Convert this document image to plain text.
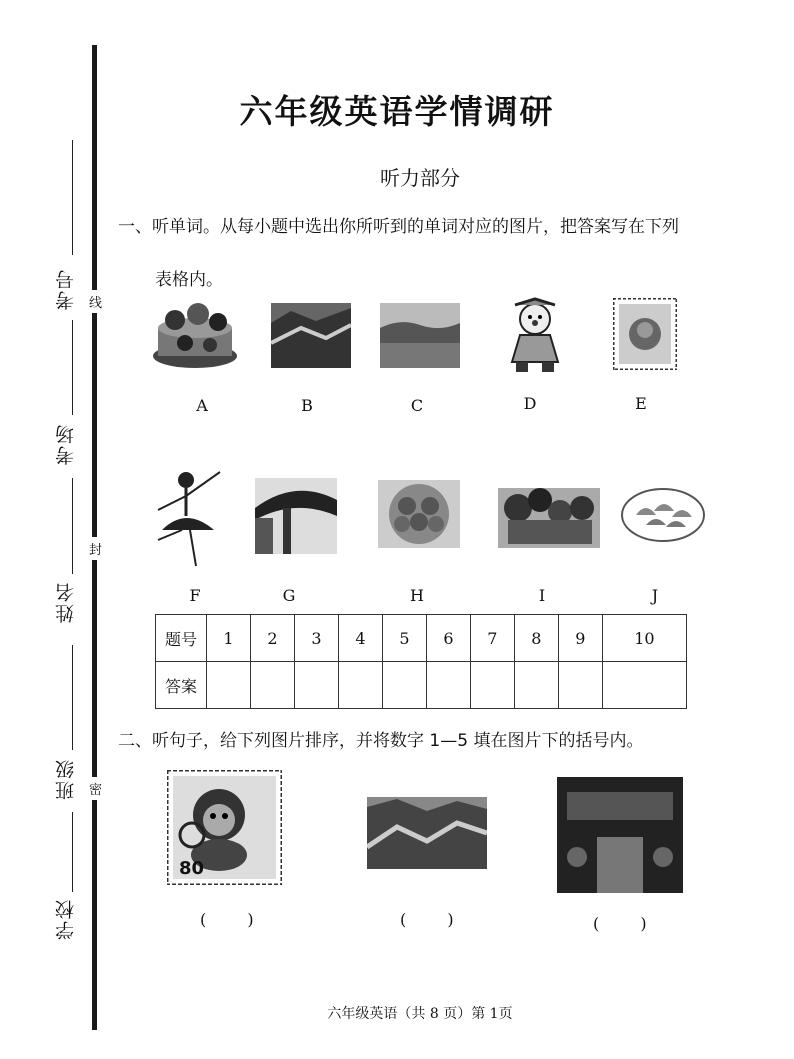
考号
考场
姓名
班级
学校
线
封
密
六年级英语学情调研
听力部分
一、听单词。从每小题中选出你所听到的单词对应的图片，把答案写在下列
表格内。
A	B	C	D	E
F	G	H	I	J
题号	1	2	3	4	5	6	7	8	9	10
答案										
二、听句子，给下列图片排序，并将数字 1—5 填在图片下的括号内。
80
( )	( )	( )
六年级英语（共 8 页）第 1页
